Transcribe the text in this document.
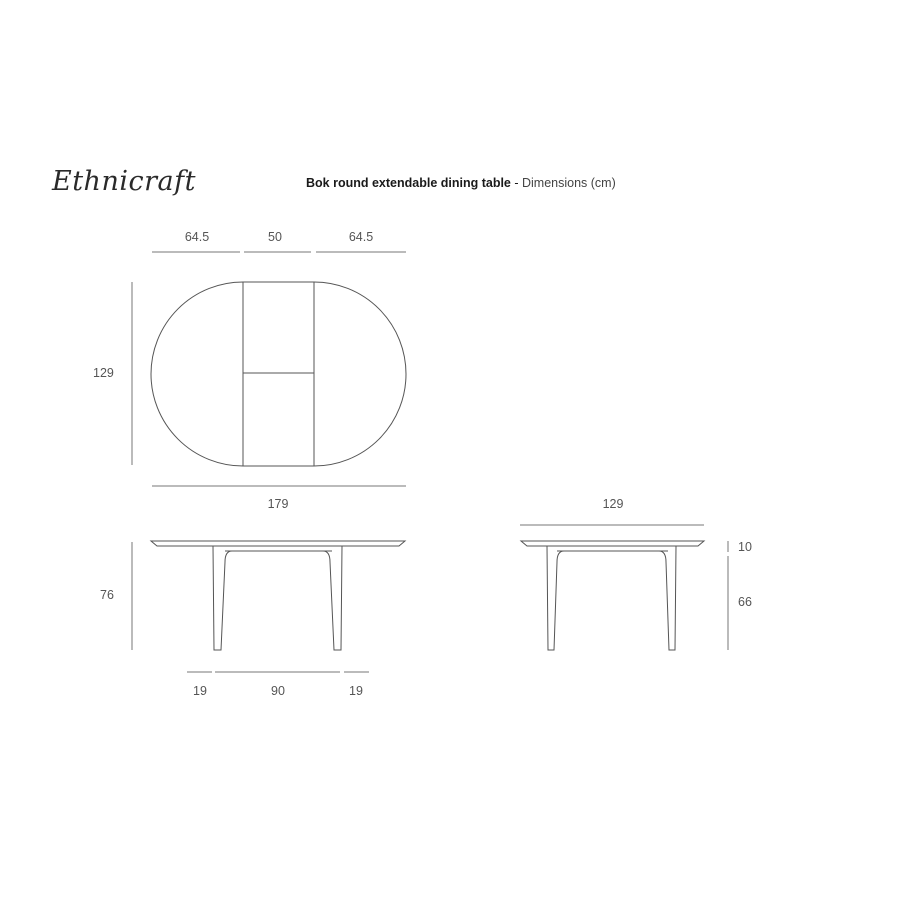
Ethnicraft	Bok round extendable dining table - Dimensions (cm)
64.5	50	64.5
129
179
76
19	90	19
129
10
66
